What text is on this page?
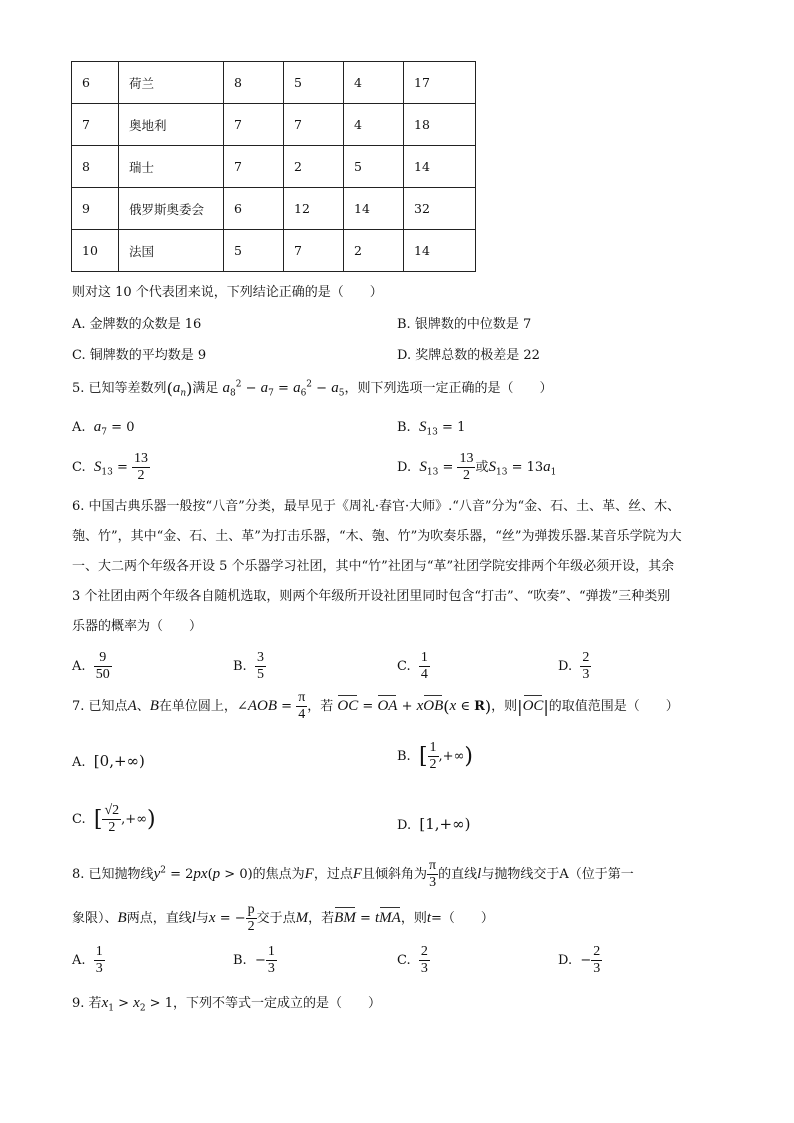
6	荷兰	8	5	4	17
7	奥地利	7	7	4	18
8	瑞士	7	2	5	14
9	俄罗斯奥委会	6	12	14	32
10	法国	5	7	2	14
则对这 10 个代表团来说，下列结论正确的是（　　）
A. 金牌数的众数是 16	B. 银牌数的中位数是 7
C. 铜牌数的平均数是 9	D. 奖牌总数的极差是 22
5. 已知等差数列$(a_n)$满足 $a_8^2 - a_7 = a_6^2 - a_5$，则下列选项一定正确的是（　　）
A. $a_7 = 0$	B. $S_{13} = 1$
C. $S_{13} = \frac{13}{2}$	D. $S_{13} = \frac{13}{2}$ 或$S_{13} = 13a_1$
6. 中国古典乐器一般按“八音”分类，最早见于《周礼·春官·大师》.“八音”分为“金、石、土、革、丝、木、
匏、竹”，其中“金、石、土、革”为打击乐器，“木、匏、竹”为吹奏乐器，“丝”为弹拨乐器.某音乐学院为大
一、大二两个年级各开设 5 个乐器学习社团，其中“竹”社团与“革”社团学院安排两个年级必须开设，其余
3 个社团由两个年级各自随机选取，则两个年级所开设社团里同时包含“打击”、“吹奏”、“弹拨”三种类别
乐器的概率为（　　）
A. $\frac{9}{50}$	B. $\frac{3}{5}$	C. $\frac{1}{4}$	D. $\frac{2}{3}$
7. 已知点A、B在单位圆上，∠AOB = $\frac{\pi}{4}$ ，若 OC = OA + xOB(x ∈ R)，则|OC|的取值范围是（　　）
A. [0,+∞)	B. [ $\frac{1}{2}$ ,+∞)
C. [ $\frac{√2}{2}$ ,+∞)	D. [1,+∞)
8. 已知抛物线$y^2 = 2px(p > 0)$的焦点为F，过点F且倾斜角为 $\frac{\pi}{3}$ 的直线l与抛物线交于A（位于第一
象限）、B两点，直线l与x = − $\frac{p}{2}$ 交于点M，若BM = tMA，则t=（　　）
A. $\frac{1}{3}$	B. − $\frac{1}{3}$	C. $\frac{2}{3}$	D. − $\frac{2}{3}$
9. 若$x_1 > x_2 > 1$，下列不等式一定成立的是（　　）
